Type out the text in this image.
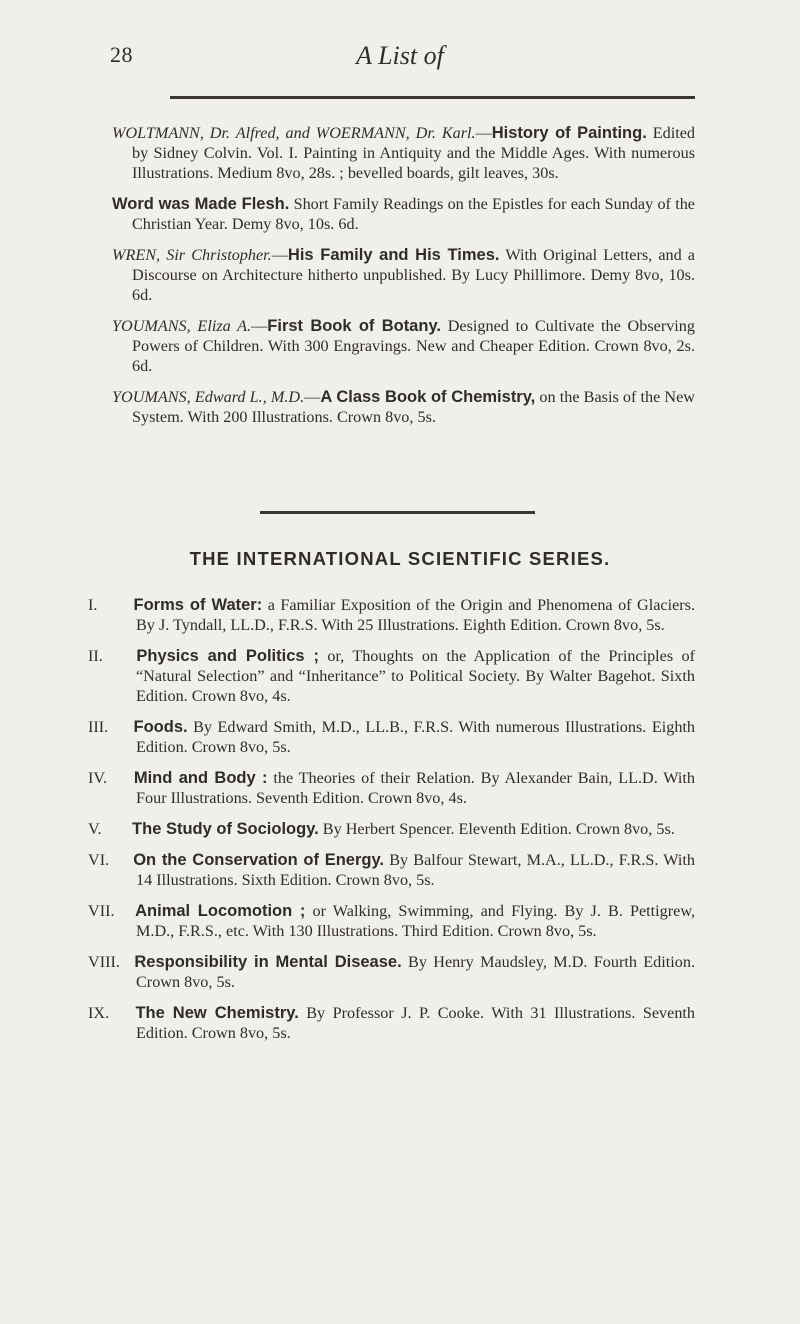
28	A List of

WOLTMANN, Dr. Alfred, and WOERMANN, Dr. Karl.—History of Painting. Edited by Sidney Colvin. Vol. I. Painting in Antiquity and the Middle Ages. With numerous Illustrations. Medium 8vo, 28s. ; bevelled boards, gilt leaves, 30s.

Word was Made Flesh. Short Family Readings on the Epistles for each Sunday of the Christian Year. Demy 8vo, 10s. 6d.

WREN, Sir Christopher.—His Family and His Times. With Original Letters, and a Discourse on Architecture hitherto unpublished. By Lucy Phillimore. Demy 8vo, 10s. 6d.

YOUMANS, Eliza A.—First Book of Botany. Designed to Cultivate the Observing Powers of Children. With 300 Engravings. New and Cheaper Edition. Crown 8vo, 2s. 6d.

YOUMANS, Edward L., M.D.—A Class Book of Chemistry, on the Basis of the New System. With 200 Illustrations. Crown 8vo, 5s.

THE INTERNATIONAL SCIENTIFIC SERIES.

I. Forms of Water: a Familiar Exposition of the Origin and Phenomena of Glaciers. By J. Tyndall, LL.D., F.R.S. With 25 Illustrations. Eighth Edition. Crown 8vo, 5s.

II. Physics and Politics ; or, Thoughts on the Application of the Principles of “Natural Selection” and “Inheritance” to Political Society. By Walter Bagehot. Sixth Edition. Crown 8vo, 4s.

III. Foods. By Edward Smith, M.D., LL.B., F.R.S. With numerous Illustrations. Eighth Edition. Crown 8vo, 5s.

IV. Mind and Body : the Theories of their Relation. By Alexander Bain, LL.D. With Four Illustrations. Seventh Edition. Crown 8vo, 4s.

V. The Study of Sociology. By Herbert Spencer. Eleventh Edition. Crown 8vo, 5s.

VI. On the Conservation of Energy. By Balfour Stewart, M.A., LL.D., F.R.S. With 14 Illustrations. Sixth Edition. Crown 8vo, 5s.

VII. Animal Locomotion ; or Walking, Swimming, and Flying. By J. B. Pettigrew, M.D., F.R.S., etc. With 130 Illustrations. Third Edition. Crown 8vo, 5s.

VIII. Responsibility in Mental Disease. By Henry Maudsley, M.D. Fourth Edition. Crown 8vo, 5s.

IX. The New Chemistry. By Professor J. P. Cooke. With 31 Illustrations. Seventh Edition. Crown 8vo, 5s.
